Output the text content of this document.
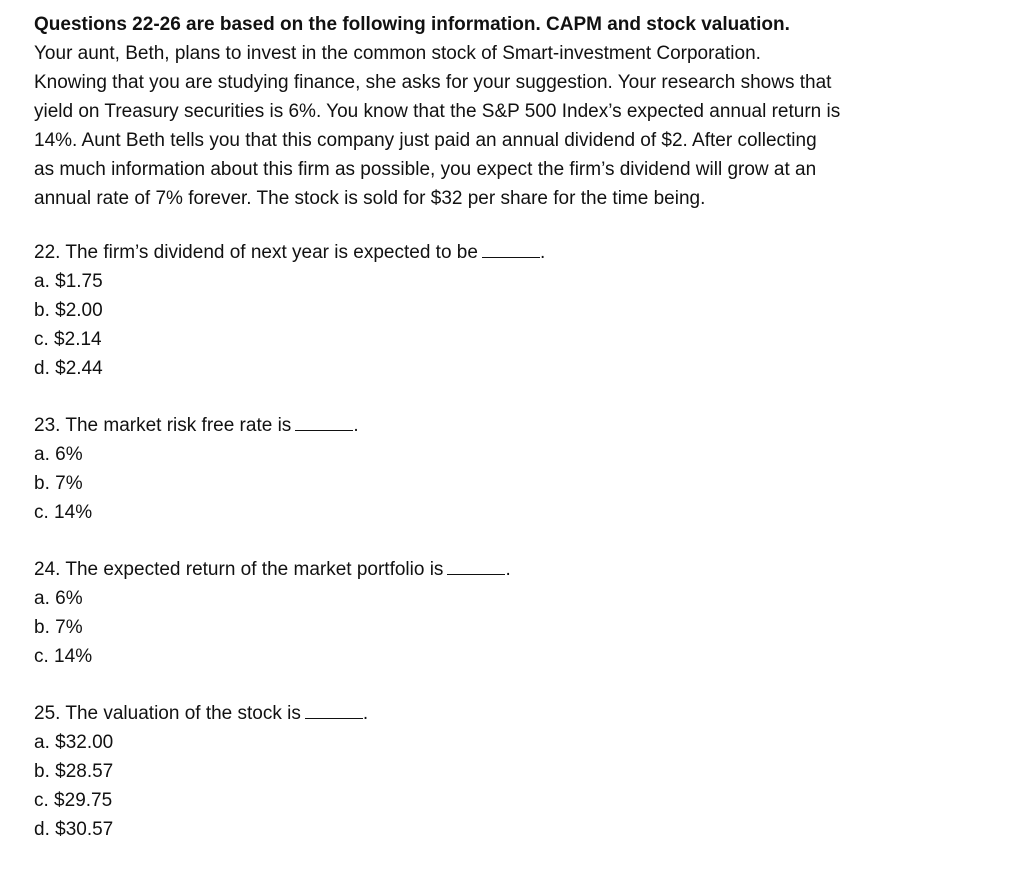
Questions 22-26 are based on the following information. CAPM and stock valuation.

Your aunt, Beth, plans to invest in the common stock of Smart-investment Corporation.

Knowing that you are studying finance, she asks for your suggestion. Your research shows that

yield on Treasury securities is 6%. You know that the S&P 500 Index’s expected annual return is

14%. Aunt Beth tells you that this company just paid an annual dividend of $2. After collecting

as much information about this firm as possible, you expect the firm’s dividend will grow at an

annual rate of 7% forever. The stock is sold for $32 per share for the time being.

22. The firm’s dividend of next year is expected to be	.

a. $1.75

b. $2.00

c. $2.14

d. $2.44

23. The market risk free rate is	.

a. 6%

b. 7%

c. 14%

24. The expected return of the market portfolio is	.

a. 6%

b. 7%

c. 14%

25. The valuation of the stock is	.

a. $32.00

b. $28.57

c. $29.75

d. $30.57
